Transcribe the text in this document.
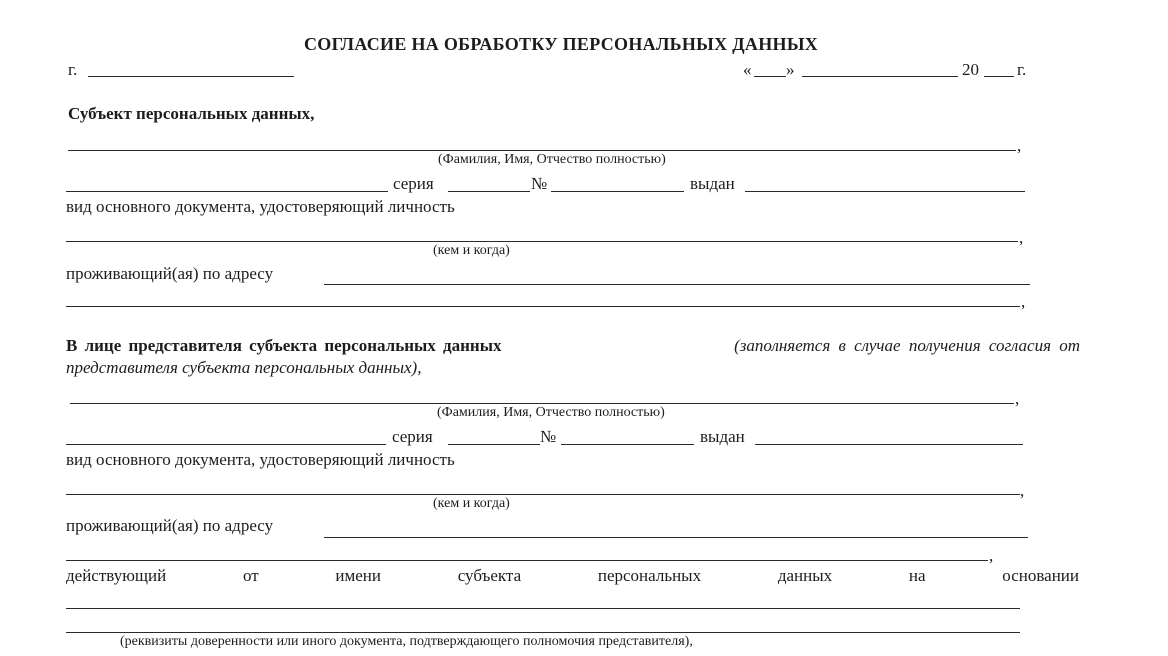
СОГЛАСИЕ НА ОБРАБОТКУ ПЕРСОНАЛЬНЫХ ДАННЫХ
г.	« »	20 г.
Субъект персональных данных,
,
(Фамилия, Имя, Отчество полностью)
серия	№	выдан
вид основного документа, удостоверяющий личность
,
(кем и когда)
проживающий(ая) по адресу
,
В лице представителя субъекта персональных данных	(заполняется в случае получения согласия от
представителя субъекта персональных данных),
,
(Фамилия, Имя, Отчество полностью)
серия	№	выдан
вид основного документа, удостоверяющий личность
,
(кем и когда)
проживающий(ая) по адресу
,
действующий	от	имени	субъекта	персональных	данных	на	основании
(реквизиты доверенности или иного документа, подтверждающего полномочия представителя),
